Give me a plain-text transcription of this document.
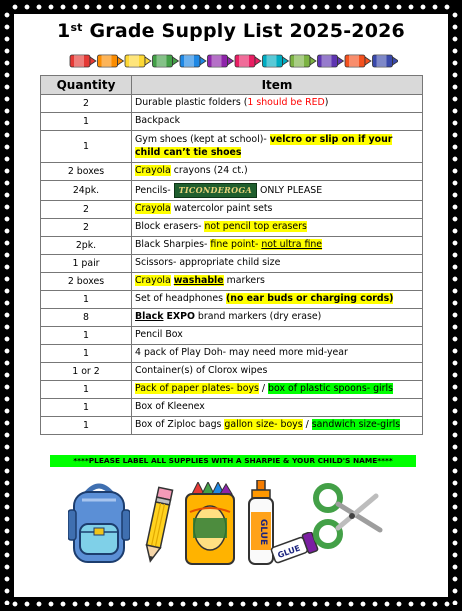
1st Grade Supply List 2025-2026
Quantity	Item
2	Durable plastic folders (1 should be RED)
1	Backpack
1	Gym shoes (kept at school)- velcro or slip on if your child can’t tie shoes
2 boxes	Crayola crayons (24 ct.)
24pk.	Pencils- TICONDEROGA ONLY PLEASE
2	Crayola watercolor paint sets
2	Block erasers- not pencil top erasers
2pk.	Black Sharpies- fine point- not ultra fine
1 pair	Scissors- appropriate child size
2 boxes	Crayola washable markers
1	Set of headphones (no ear buds or charging cords)
8	Black EXPO brand markers (dry erase)
1	Pencil Box
1	4 pack of Play Doh- may need more mid-year
1 or 2	Container(s) of Clorox wipes
1	Pack of paper plates- boys / box of plastic spoons- girls
1	Box of Kleenex
1	Box of Ziploc bags gallon size- boys / sandwich size-girls
****PLEASE LABEL ALL SUPPLIES WITH A SHARPIE & YOUR CHILD'S NAME****
GLUE
GLUE
